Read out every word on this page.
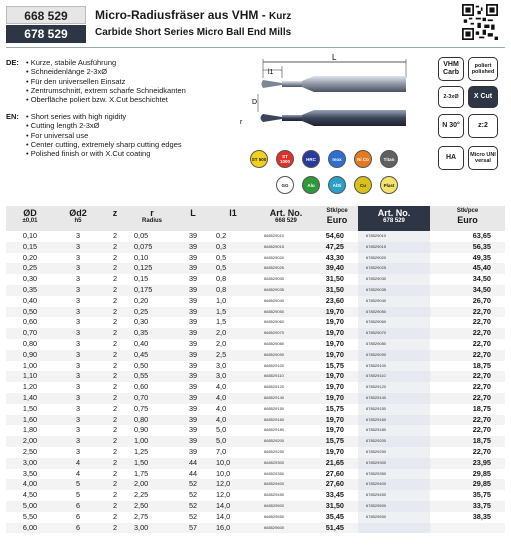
668 529
678 529
Micro-Radiusfräser aus VHM - Kurz
Carbide Short Series Micro Ball End Mills
DE:	• Kurze, stabile Ausführung
• Schneidenlänge 2-3xØ
• Für den universellen Einsatz
• Zentrumschnitt, extrem scharfe Schneidkanten
• Oberfläche poliert bzw. X.Cut beschichtet
EN:	• Short series with high rigidity
• Cutting length 2-3xØ
• For universal use
• Center cutting, extremely sharp cutting edges
• Polished finish or with X.Cut coating
L
l1
D
r
VHM Carb
poliert polished
2-3xØ	X Cut
N 30°	z:2
HA	Micro UNI versal
ST 500	ST 1000	HRC	Inox	Ni Co	Titan
GG	Alu	AlSi	Cu	Plast
ØD
±0,01	Ød2
h5	z	r
Radius	L	l1	Art. No.
668 529	Stk/pce
Euro	Art. No.
678 529	Stk/pce
Euro
0,10	3	2	0,05	39	0,2	668529010	54,60	678529010	63,65
0,15	3	2	0,075	39	0,3	668529015	47,25	678529015	56,35
0,20	3	2	0,10	39	0,5	668529020	43,30	678529020	49,35
0,25	3	2	0,125	39	0,5	668529025	39,40	678529025	45,40
0,30	3	2	0,15	39	0,8	668529030	31,50	678529030	34,50
0,35	3	2	0,175	39	0,8	668529035	31,50	678529035	34,50
0,40	3	2	0,20	39	1,0	668529040	23,60	678529040	26,70
0,50	3	2	0,25	39	1,5	668529050	19,70	678529050	22,70
0,60	3	2	0,30	39	1,5	668529060	19,70	678529060	22,70
0,70	3	2	0,35	39	2,0	668529070	19,70	678529070	22,70
0,80	3	2	0,40	39	2,0	668529080	19,70	678529080	22,70
0,90	3	2	0,45	39	2,5	668529090	19,70	678529090	22,70
1,00	3	2	0,50	39	3,0	668529100	15,75	678529100	18,75
1,10	3	2	0,55	39	3,0	668529110	19,70	678529110	22,70
1,20	3	2	0,60	39	4,0	668529120	19,70	678529120	22,70
1,40	3	2	0,70	39	4,0	668529140	19,70	678529140	22,70
1,50	3	2	0,75	39	4,0	668529150	15,75	678529150	18,75
1,60	3	2	0,80	39	4,0	668529160	19,70	678529160	22,70
1,80	3	2	0,90	39	5,0	668529180	19,70	678529180	22,70
2,00	3	2	1,00	39	5,0	668529200	15,75	678529200	18,75
2,50	3	2	1,25	39	7,0	668529250	19,70	678529250	22,70
3,00	4	2	1,50	44	10,0	668529300	21,65	678529300	23,95
3,50	4	2	1,75	44	10,0	668529350	27,60	678529350	29,85
4,00	5	2	2,00	52	12,0	668529400	27,60	678529400	29,85
4,50	5	2	2,25	52	12,0	668529450	33,45	678529450	35,75
5,00	6	2	2,50	52	14,0	668529500	31,50	678529500	33,75
5,50	6	2	2,75	52	14,0	668529550	35,45	678529550	38,35
6,00	6	2	3,00	57	16,0	668529600	51,45		
